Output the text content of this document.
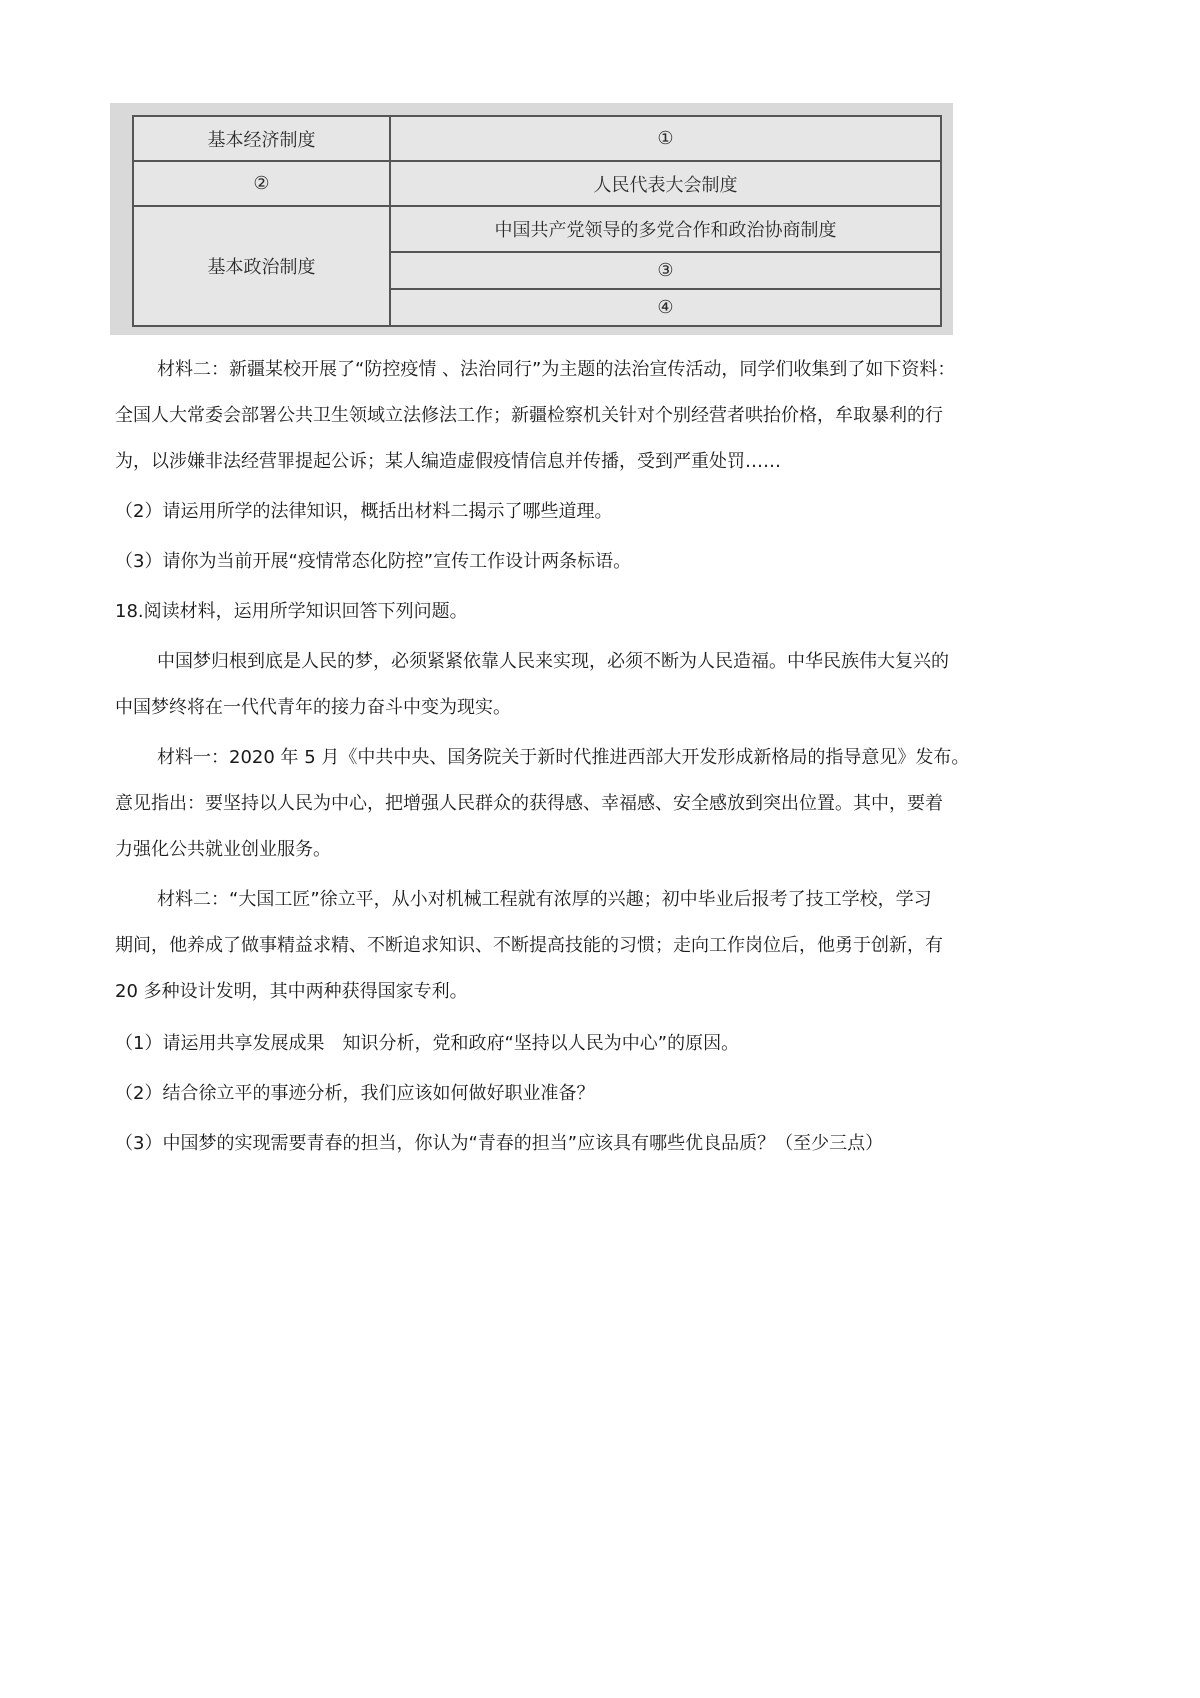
基本经济制度	①
②	人民代表大会制度
基本政治制度	中国共产党领导的多党合作和政治协商制度
	③
	④

材料二：新疆某校开展了“防控疫情 、法治同行”为主题的法治宣传活动，同学们收集到了如下资料：

全国人大常委会部署公共卫生领域立法修法工作；新疆检察机关针对个别经营者哄抬价格，牟取暴利的行

为，以涉嫌非法经营罪提起公诉；某人编造虚假疫情信息并传播，受到严重处罚……

（2）请运用所学的法律知识，概括出材料二揭示了哪些道理。

（3）请你为当前开展“疫情常态化防控”宣传工作设计两条标语。

18.阅读材料，运用所学知识回答下列问题。

中国梦归根到底是人民的梦，必须紧紧依靠人民来实现，必须不断为人民造福。中华民族伟大复兴的

中国梦终将在一代代青年的接力奋斗中变为现实。

材料一：2020 年 5 月《中共中央、国务院关于新时代推进西部大开发形成新格局的指导意见》发布。

意见指出：要坚持以人民为中心，把增强人民群众的获得感、幸福感、安全感放到突出位置。其中，要着

力强化公共就业创业服务。

材料二：“大国工匠”徐立平，从小对机械工程就有浓厚的兴趣；初中毕业后报考了技工学校，学习

期间，他养成了做事精益求精、不断追求知识、不断提高技能的习惯；走向工作岗位后，他勇于创新，有

20 多种设计发明，其中两种获得国家专利。

（1）请运用共享发展成果　知识分析，党和政府“坚持以人民为中心”的原因。

（2）结合徐立平的事迹分析，我们应该如何做好职业准备？

（3）中国梦的实现需要青春的担当，你认为“青春的担当”应该具有哪些优良品质？（至少三点）
